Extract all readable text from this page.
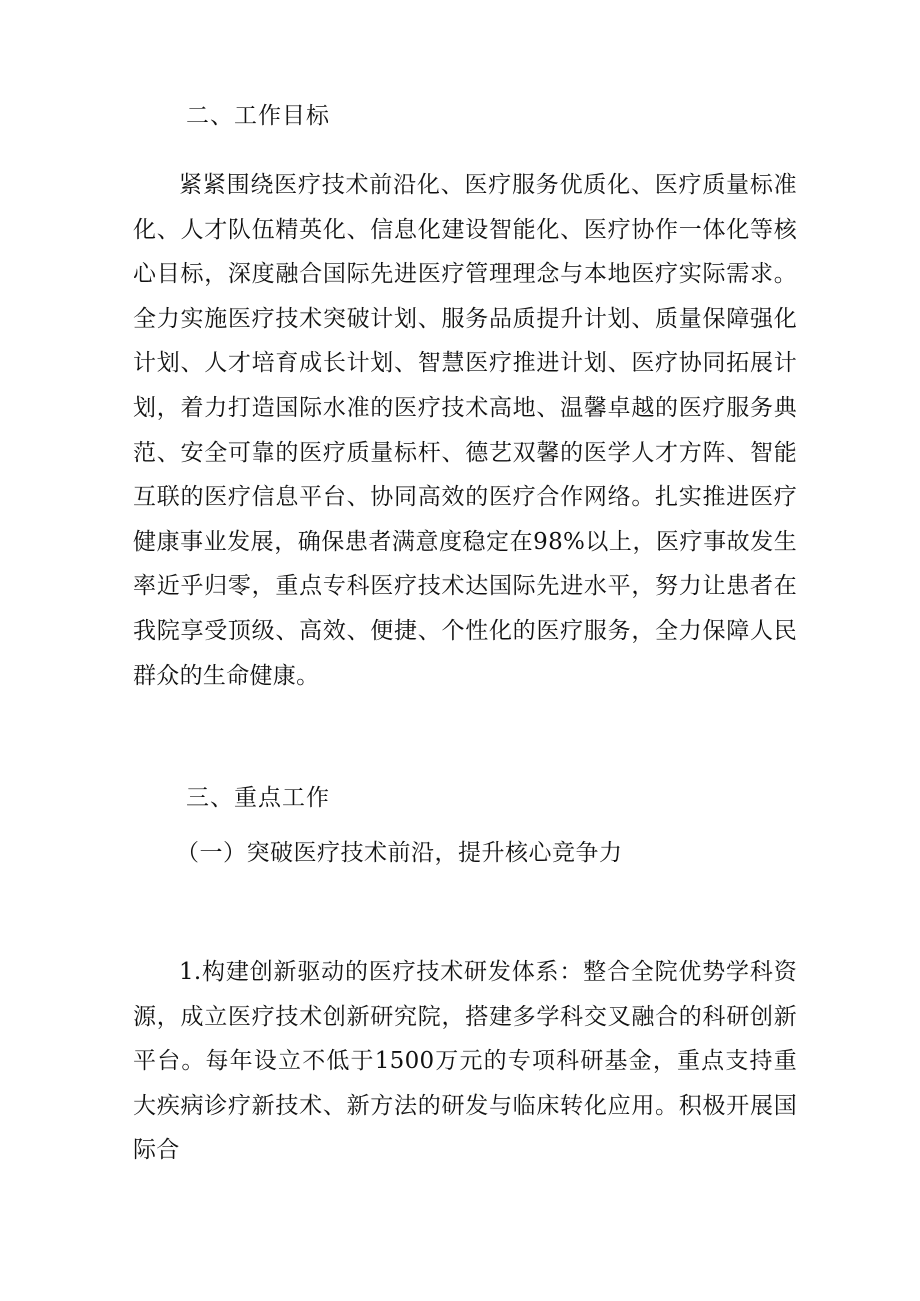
二、工作目标

紧紧围绕医疗技术前沿化、医疗服务优质化、医疗质量标准化、人才队伍精英化、信息化建设智能化、医疗协作一体化等核心目标，深度融合国际先进医疗管理理念与本地医疗实际需求。全力实施医疗技术突破计划、服务品质提升计划、质量保障强化计划、人才培育成长计划、智慧医疗推进计划、医疗协同拓展计划，着力打造国际水准的医疗技术高地、温馨卓越的医疗服务典范、安全可靠的医疗质量标杆、德艺双馨的医学人才方阵、智能互联的医疗信息平台、协同高效的医疗合作网络。扎实推进医疗健康事业发展，确保患者满意度稳定在98%以上，医疗事故发生率近乎归零，重点专科医疗技术达国际先进水平，努力让患者在我院享受顶级、高效、便捷、个性化的医疗服务，全力保障人民群众的生命健康。

三、重点工作
（一）突破医疗技术前沿，提升核心竞争力

1.构建创新驱动的医疗技术研发体系：整合全院优势学科资源，成立医疗技术创新研究院，搭建多学科交叉融合的科研创新平台。每年设立不低于1500万元的专项科研基金，重点支持重大疾病诊疗新技术、新方法的研发与临床转化应用。积极开展国际合
